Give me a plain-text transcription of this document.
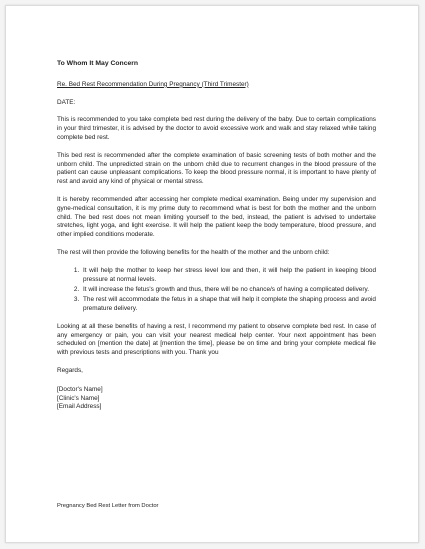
To Whom It May Concern

Re. Bed Rest Recommendation During Pregnancy (Third Trimester)

DATE:

This is recommended to you take complete bed rest during the delivery of the baby. Due to certain complications in your third trimester, it is advised by the doctor to avoid excessive work and walk and stay relaxed while taking complete bed rest.

This bed rest is recommended after the complete examination of basic screening tests of both mother and the unborn child. The unpredicted strain on the unborn child due to recurrent changes in the blood pressure of the patient can cause unpleasant complications. To keep the blood pressure normal, it is important to have plenty of rest and avoid any kind of physical or mental stress.

It is hereby recommended after accessing her complete medical examination. Being under my supervision and gyne-medical consultation, it is my prime duty to recommend what is best for both the mother and the unborn child. The bed rest does not mean limiting yourself to the bed, instead, the patient is advised to undertake stretches, light yoga, and light exercise. It will help the patient keep the body temperature, blood pressure, and other implied conditions moderate.

The rest will then provide the following benefits for the health of the mother and the unborn child:

1. It will help the mother to keep her stress level low and then, it will help the patient in keeping blood pressure at normal levels.
2. It will increase the fetus's growth and thus, there will be no chance/s of having a complicated delivery.
3. The rest will accommodate the fetus in a shape that will help it complete the shaping process and avoid premature delivery.

Looking at all these benefits of having a rest, I recommend my patient to observe complete bed rest. In case of any emergency or pain, you can visit your nearest medical help center. Your next appointment has been scheduled on [mention the date] at [mention the time], please be on time and bring your complete medical file with previous tests and prescriptions with you. Thank you

Regards,

[Doctor's Name]

[Clinic's Name]

[Email Address]

Pregnancy Bed Rest Letter from Doctor
